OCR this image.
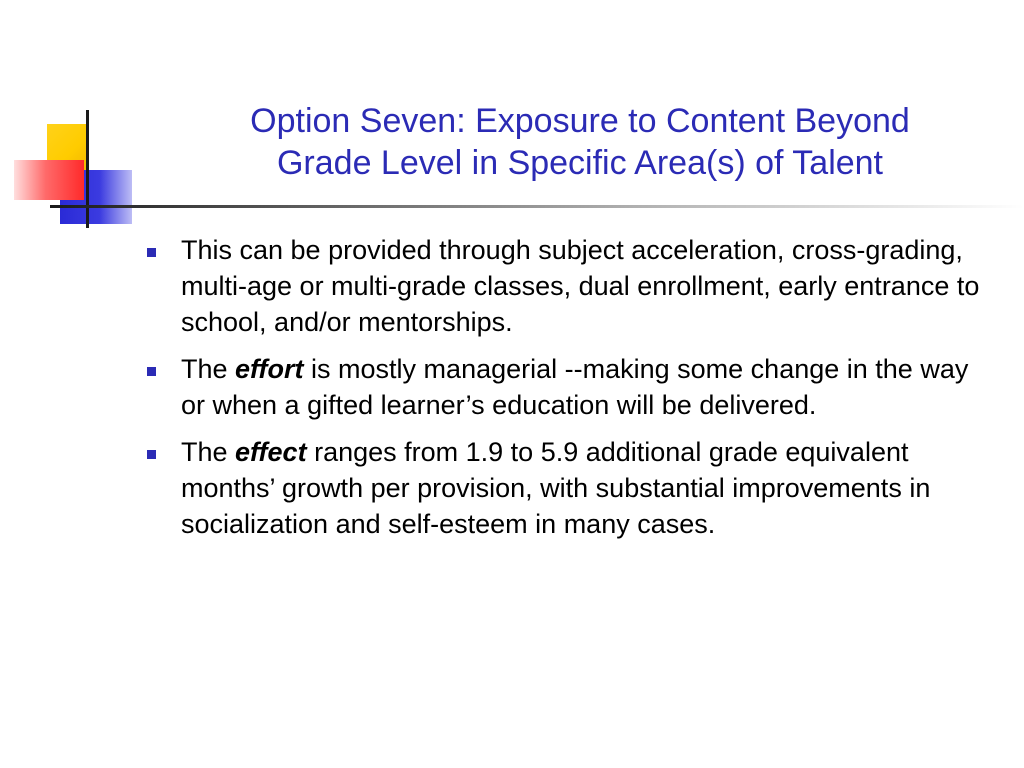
Option Seven: Exposure to Content Beyond
Grade Level in Specific Area(s) of Talent
This can be provided through subject acceleration, cross-grading, multi-age or multi-grade classes, dual enrollment, early entrance to school, and/or mentorships.
The effort is mostly managerial --making some change in the way or when a gifted learner’s education will be delivered.
The effect ranges from 1.9 to 5.9 additional grade equivalent months’ growth per provision, with substantial improvements in socialization and self-esteem in many cases.
